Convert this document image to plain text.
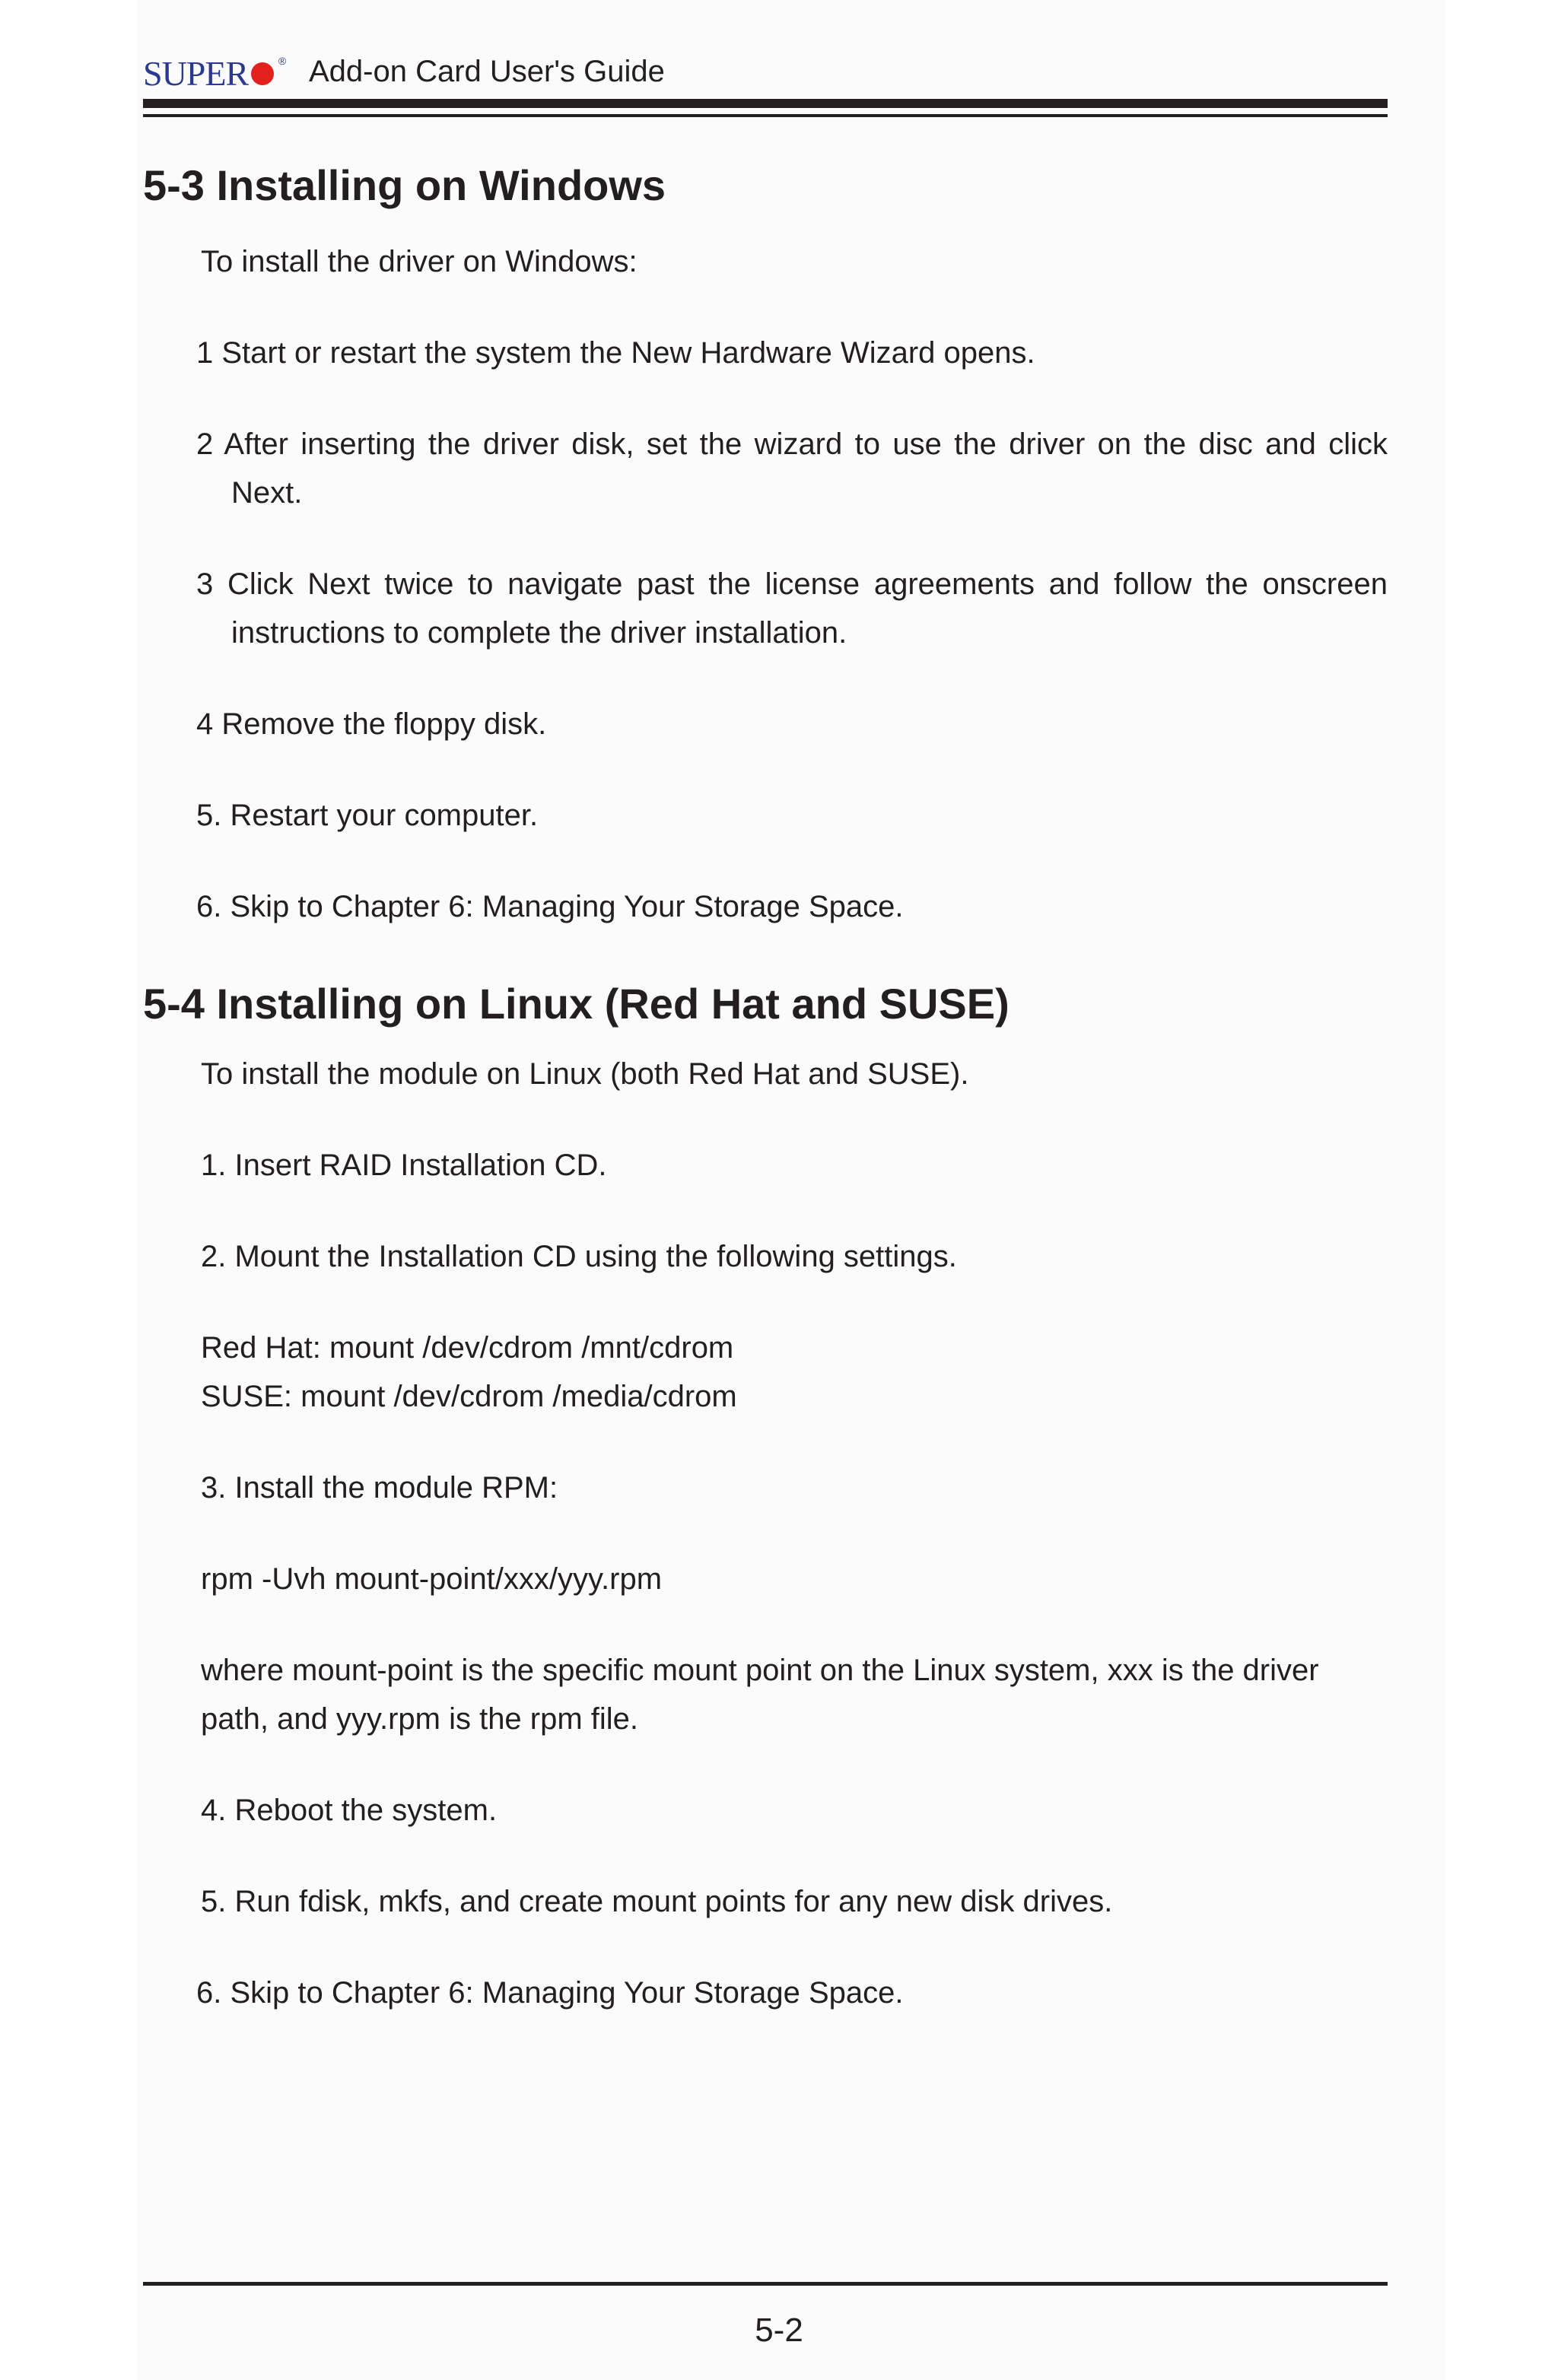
SUPER	® Add-on Card User's Guide
5-3 Installing on Windows

To install the driver on Windows:

1 Start or restart the system the New Hardware Wizard opens.

2 After inserting the driver disk, set the wizard to use the driver on the disc and click Next.

3 Click Next twice to navigate past the license agreements and follow the onscreen instructions to complete the driver installation.

4 Remove the floppy disk.

5. Restart your computer.

6. Skip to Chapter 6: Managing Your Storage Space.

5-4 Installing on Linux (Red Hat and SUSE)

To install the module on Linux (both Red Hat and SUSE).

1. Insert RAID Installation CD.

2. Mount the Installation CD using the following settings.

Red Hat: mount /dev/cdrom /mnt/cdrom

SUSE: mount /dev/cdrom /media/cdrom

3. Install the module RPM:

rpm -Uvh mount-point/xxx/yyy.rpm

where mount-point is the specific mount point on the Linux system, xxx is the driver path, and yyy.rpm is the rpm file.

4. Reboot the system.

5. Run fdisk, mkfs, and create mount points for any new disk drives.

6. Skip to Chapter 6: Managing Your Storage Space.

5-2
